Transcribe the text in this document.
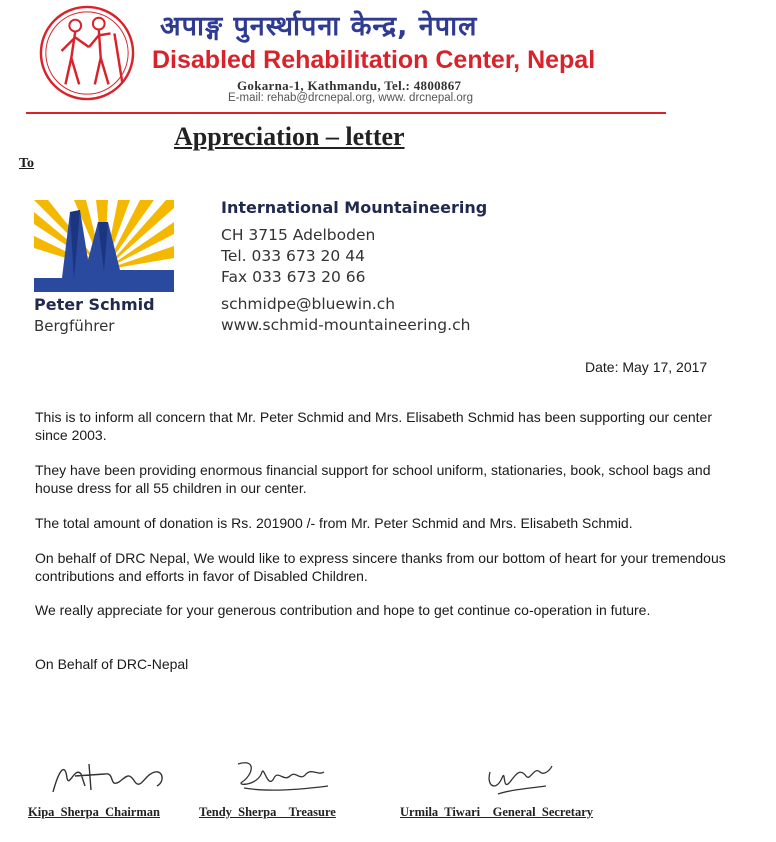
अपाङ्ग पुनर्स्थापना केन्द्र, नेपाल
Disabled Rehabilitation Center, Nepal
Gokarna-1, Kathmandu, Tel.: 4800867
E-mail: rehab@drcnepal.org, www. drcnepal.org
Appreciation – letter
To
Peter Schmid
Bergführer
International Mountaineering
CH 3715 Adelboden
Tel. 033 673 20 44
Fax 033 673 20 66
schmidpe@bluewin.ch
www.schmid-mountaineering.ch
Date: May 17, 2017
This is to inform all concern that Mr. Peter Schmid and Mrs. Elisabeth Schmid has been supporting our center since 2003.
They have been providing enormous financial support for school uniform, stationaries, book, school bags and house dress for all 55 children in our center.
The total amount of donation is Rs. 201900 /- from Mr. Peter Schmid and Mrs. Elisabeth Schmid.
On behalf of DRC Nepal, We would like to express sincere thanks from our bottom of heart for your tremendous contributions and efforts in favor of Disabled Children.
We really appreciate for your generous contribution and hope to get continue co-operation in future.
On Behalf of DRC-Nepal
Kipa  Sherpa  Chairman	Tendy  Sherpa    Treasure	Urmila  Tiwari    General  Secretary
